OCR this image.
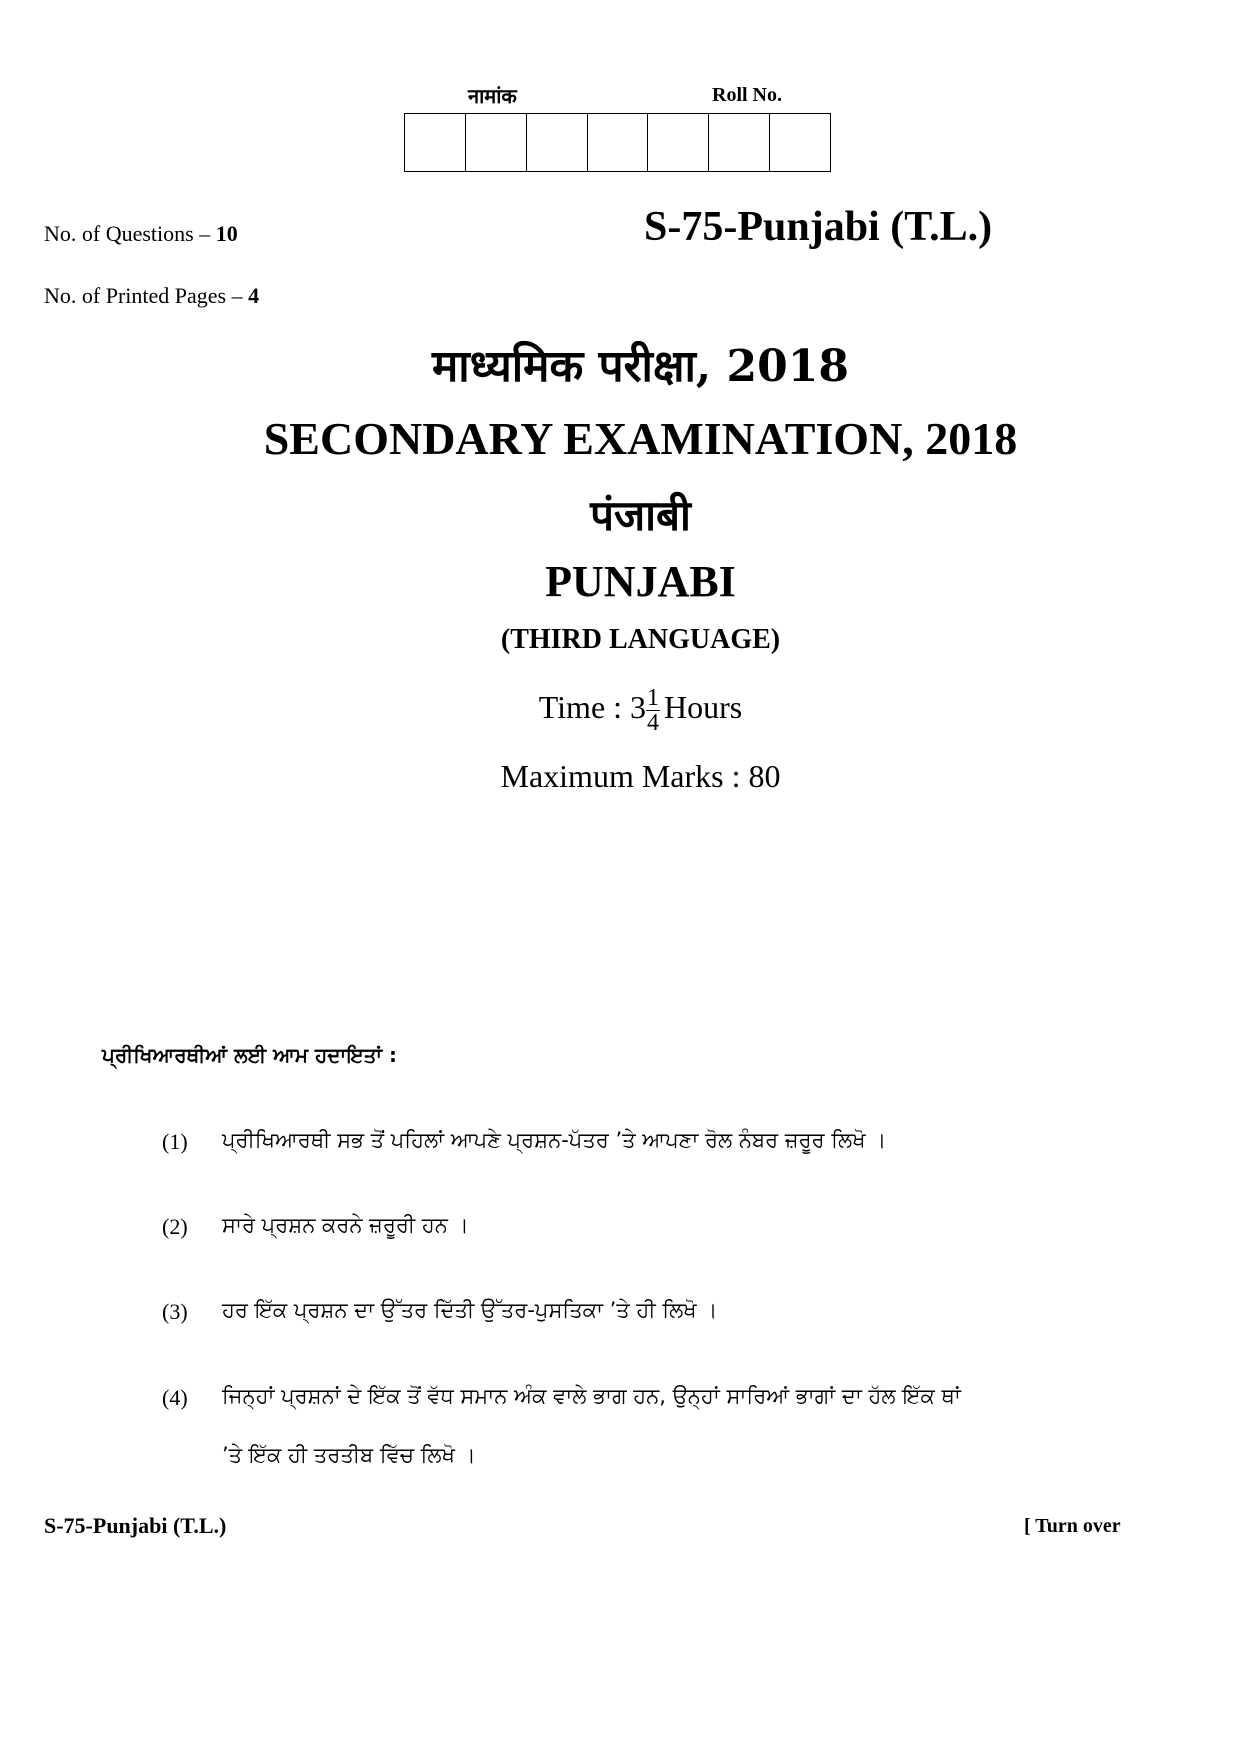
नामांक	Roll No.
No. of Questions – 10
No. of Printed Pages – 4
S-75-Punjabi (T.L.)
माध्यमिक परीक्षा, 2018
SECONDARY EXAMINATION, 2018
पंजाबी
PUNJABI
(THIRD LANGUAGE)
Time : $3 \frac{1}{4}$ Hours
Maximum Marks : 80
ਪ੍ਰੀਖਿਆਰਥੀਆਂ ਲਈ ਆਮ ਹਦਾਇਤਾਂ :
(1)	ਪ੍ਰੀਖਿਆਰਥੀ ਸਭ ਤੋਂ ਪਹਿਲਾਂ ਆਪਣੇ ਪ੍ਰਸ਼ਨ-ਪੱਤਰ ’ਤੇ ਆਪਣਾ ਰੋਲ ਨੰਬਰ ਜ਼ਰੂਰ ਲਿਖੋ ।
(2)	ਸਾਰੇ ਪ੍ਰਸ਼ਨ ਕਰਨੇ ਜ਼ਰੂਰੀ ਹਨ ।
(3)	ਹਰ ਇੱਕ ਪ੍ਰਸ਼ਨ ਦਾ ਉੱਤਰ ਦਿੱਤੀ ਉੱਤਰ-ਪੁਸਤਿਕਾ ’ਤੇ ਹੀ ਲਿਖੋ ।
(4)	ਜਿਨ੍ਹਾਂ ਪ੍ਰਸ਼ਨਾਂ ਦੇ ਇੱਕ ਤੋਂ ਵੱਧ ਸਮਾਨ ਅੰਕ ਵਾਲੇ ਭਾਗ ਹਨ, ਉਨ੍ਹਾਂ ਸਾਰਿਆਂ ਭਾਗਾਂ ਦਾ ਹੱਲ ਇੱਕ ਥਾਂ
’ਤੇ ਇੱਕ ਹੀ ਤਰਤੀਬ ਵਿੱਚ ਲਿਖੋ ।
S-75-Punjabi (T.L.)	[ Turn over
